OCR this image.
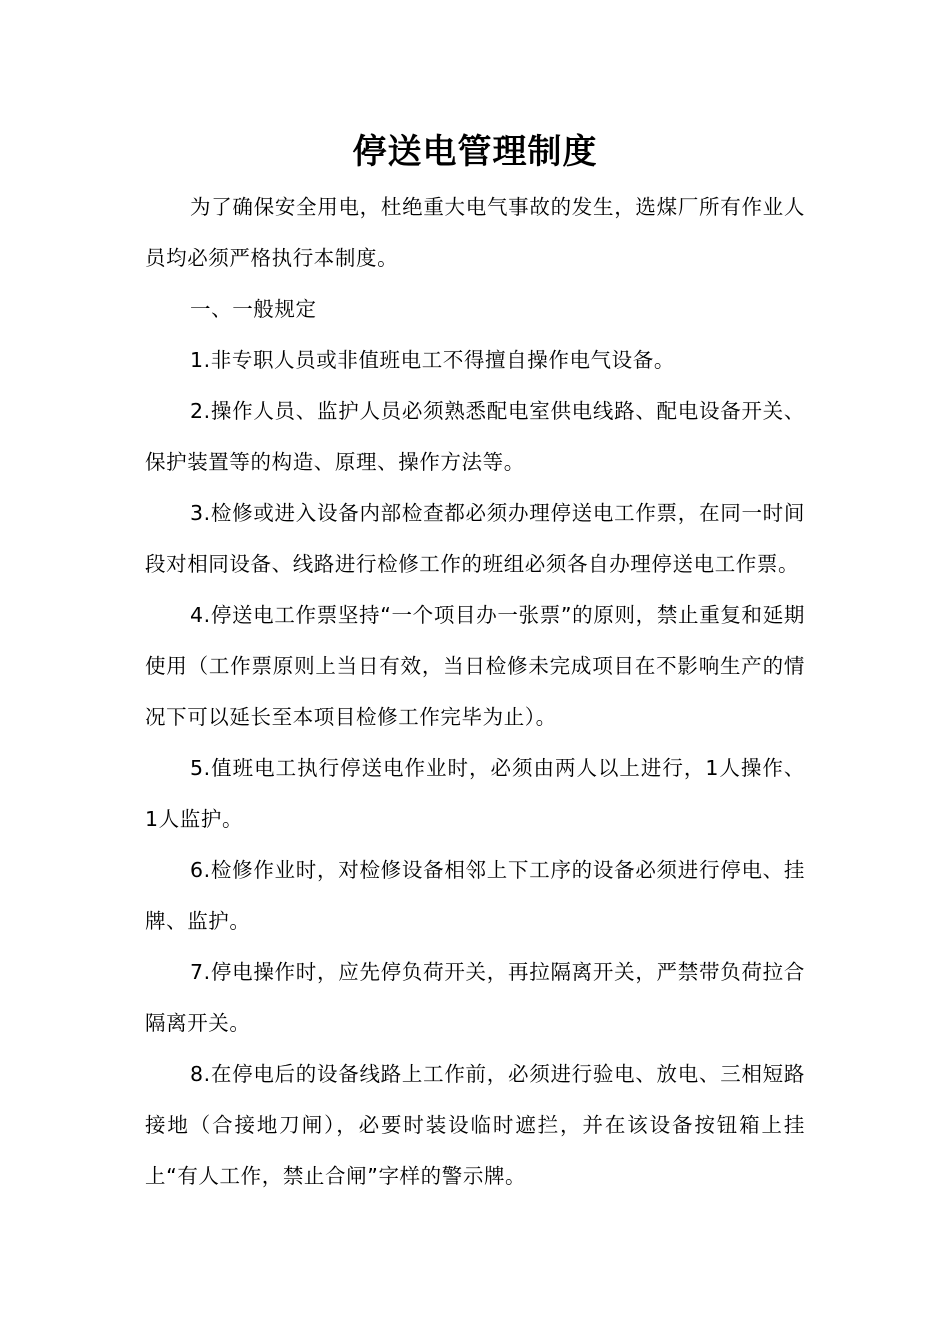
停送电管理制度

为了确保安全用电，杜绝重大电气事故的发生，选煤厂所有作业人员均必须严格执行本制度。

一、一般规定

1.非专职人员或非值班电工不得擅自操作电气设备。

2.操作人员、监护人员必须熟悉配电室供电线路、配电设备开关、保护装置等的构造、原理、操作方法等。

3.检修或进入设备内部检查都必须办理停送电工作票，在同一时间段对相同设备、线路进行检修工作的班组必须各自办理停送电工作票。

4.停送电工作票坚持“一个项目办一张票”的原则，禁止重复和延期使用（工作票原则上当日有效，当日检修未完成项目在不影响生产的情况下可以延长至本项目检修工作完毕为止）。

5.值班电工执行停送电作业时，必须由两人以上进行，1人操作、1人监护。

6.检修作业时，对检修设备相邻上下工序的设备必须进行停电、挂牌、监护。

7.停电操作时，应先停负荷开关，再拉隔离开关，严禁带负荷拉合隔离开关。

8.在停电后的设备线路上工作前，必须进行验电、放电、三相短路接地（合接地刀闸），必要时装设临时遮拦，并在该设备按钮箱上挂上“有人工作，禁止合闸”字样的警示牌。
